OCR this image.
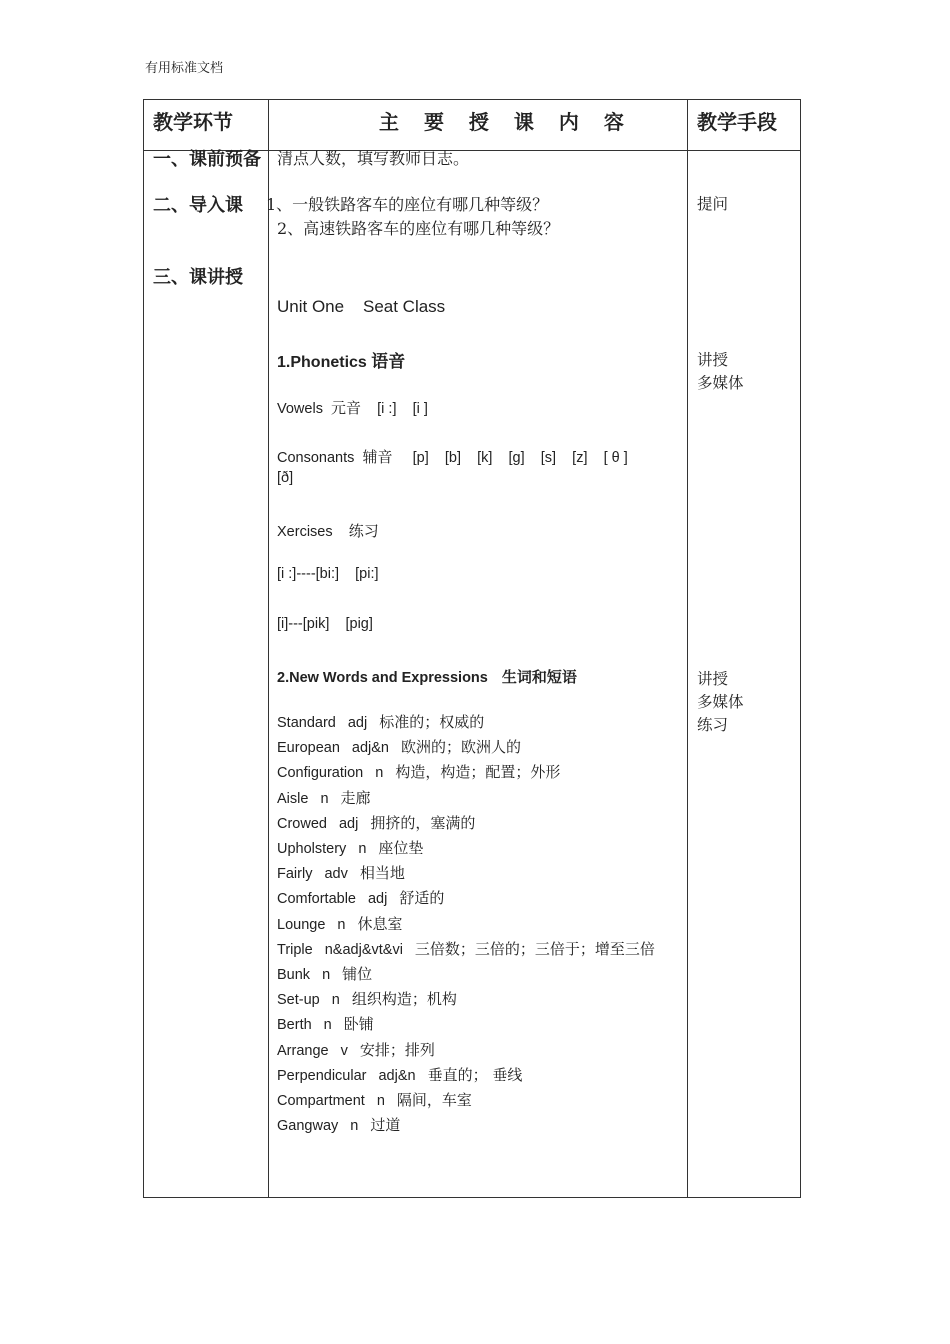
有用标准文档
教学环节	主 要 授 课 内 容	教学手段
一、课前预备 清点人数，填写教师日志。
二、导入课 1、一般铁路客车的座位有哪几种等级？
2、高速铁路客车的座位有哪几种等级？
三、课讲授
Unit One    Seat Class
1.Phonetics 语音
Vowels 元音 [i :]    [i ]
Consonants 辅音 [p]    [b]    [k]    [g]    [s]    [z]    [ θ ]
[ð]
Xercises 练习
[i :]----[bi:]    [pi:]
[i]---[pik]    [pig]
2.New Words and Expressions 生词和短语
Standard adj 标准的；权威的
European adj&n 欧洲的；欧洲人的
Configuration n 构造，构造；配置；外形
Aisle n 走廊
Crowed adj 拥挤的，塞满的
Upholstery n 座位垫
Fairly adv 相当地
Comfortable adj 舒适的
Lounge n 休息室
Triple n&adj&vt&vi 三倍数；三倍的；三倍于；增至三倍
Bunk n 铺位
Set-up n 组织构造；机构
Berth n 卧铺
Arrange v 安排；排列
Perpendicular adj&n 垂直的； 垂线
Compartment n 隔间，车室
Gangway n 过道
提问
讲授
多媒体
讲授
多媒体
练习
